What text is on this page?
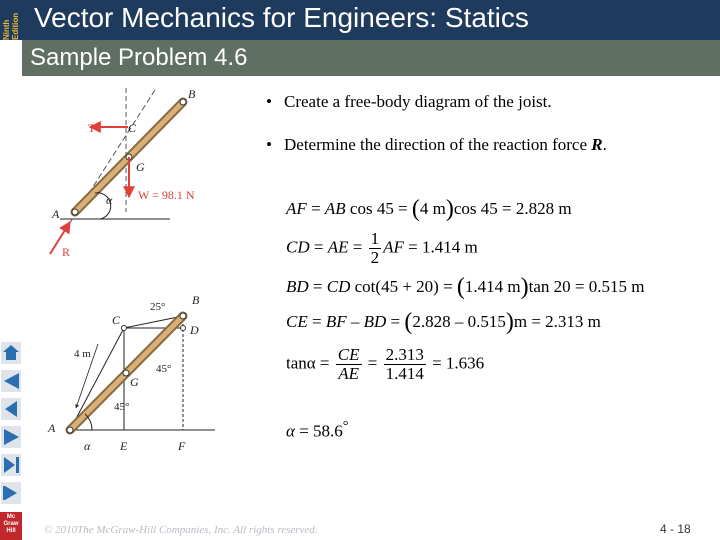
Ninth
Edition
Mc Graw Hill
Vector Mechanics for Engineers: Statics
Sample Problem 4.6
• Create a free-body diagram of the joist.
• Determine the direction of the reaction force R.
AF = AB cos 45 = (4 m)cos 45 = 2.828 m
CD = AE = $\frac{1}{2}$ AF = 1.414 m
BD = CD cot(45 + 20) = (1.414 m)tan 20 = 0.515 m
CE = BF – BD = (2.828 – 0.515)m = 2.313 m
$\tan\alpha = \frac{CE}{AE} = \frac{2.313}{1.414} = 1.636$
α = 58.6°
B
C
G
A
T
W = 98.1 N
R
α
25° B
C
D
4 m
45°
G
45°
A
α E	F
© 2010The McGraw-Hill Companies, Inc. All rights reserved.	4 - 18
